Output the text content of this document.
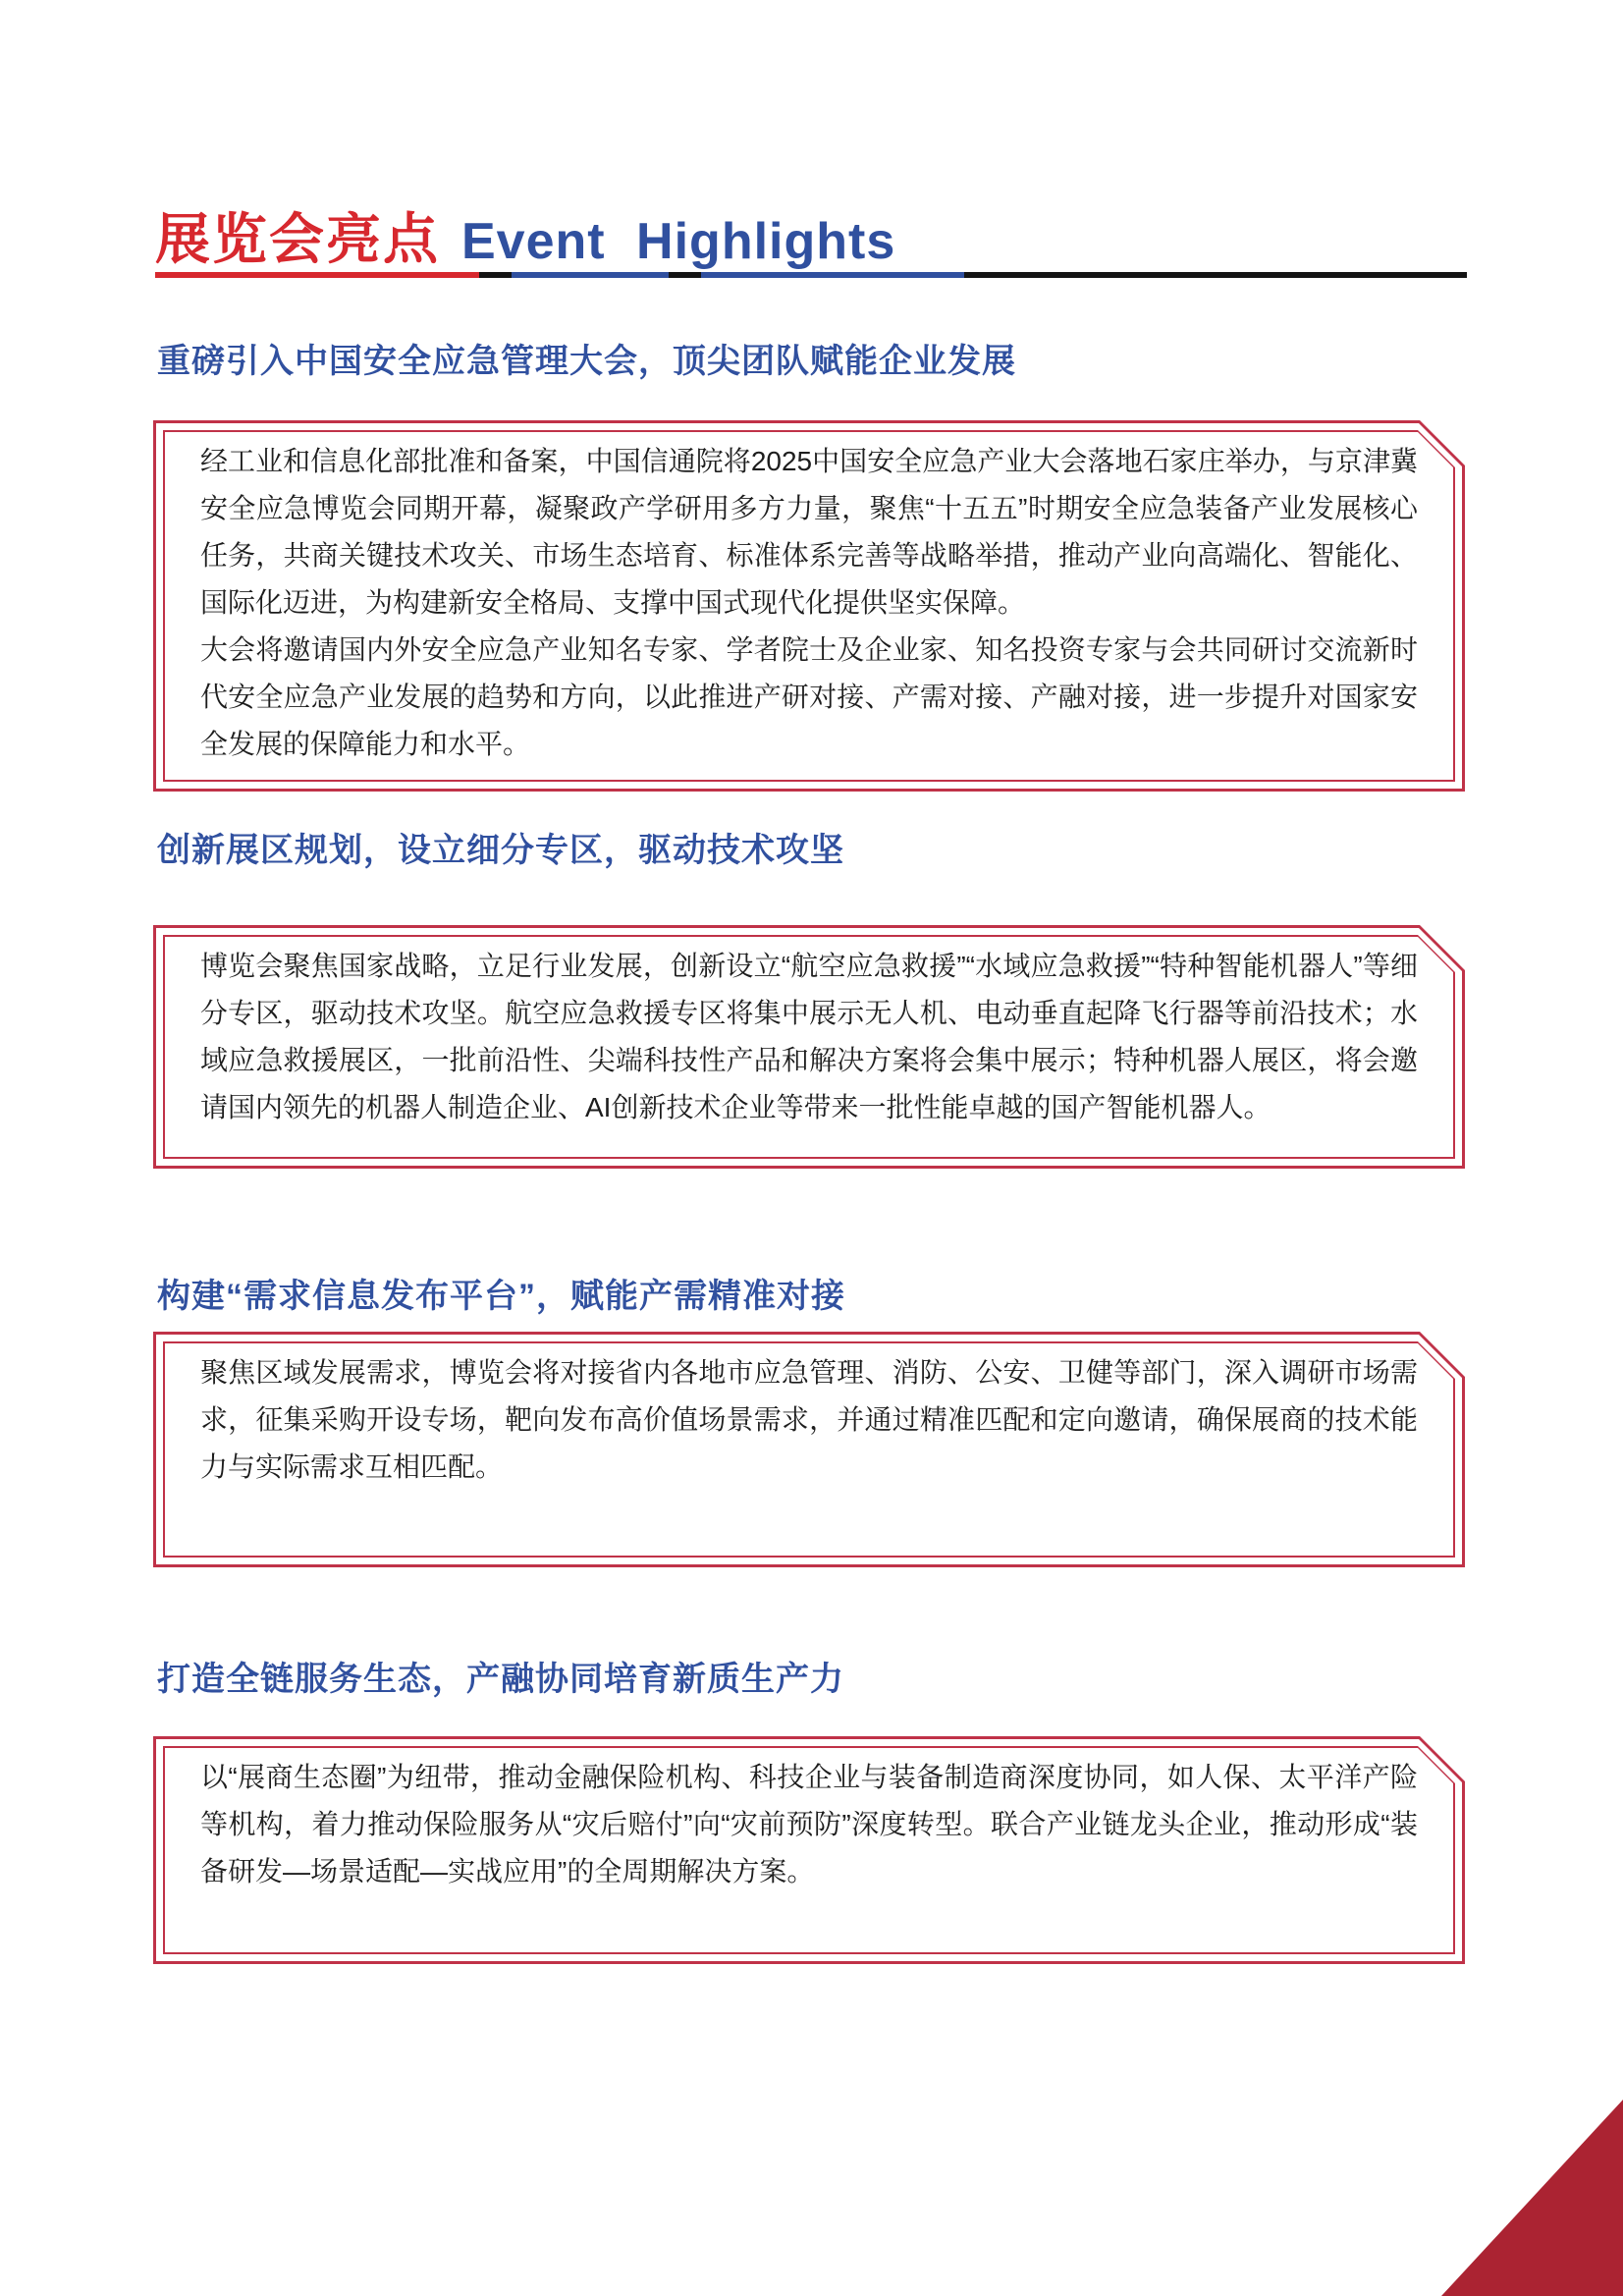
展览会亮点 Event Highlights
重磅引入中国安全应急管理大会，顶尖团队赋能企业发展

经工业和信息化部批准和备案，中国信通院将2025中国安全应急产业大会落地石家庄举办，与京津冀安全应急博览会同期开幕，凝聚政产学研用多方力量，聚焦“十五五”时期安全应急装备产业发展核心任务，共商关键技术攻关、市场生态培育、标准体系完善等战略举措，推动产业向高端化、智能化、国际化迈进，为构建新安全格局、支撑中国式现代化提供坚实保障。

大会将邀请国内外安全应急产业知名专家、学者院士及企业家、知名投资专家与会共同研讨交流新时代安全应急产业发展的趋势和方向，以此推进产研对接、产需对接、产融对接，进一步提升对国家安全发展的保障能力和水平。

创新展区规划，设立细分专区，驱动技术攻坚

博览会聚焦国家战略，立足行业发展，创新设立“航空应急救援”“水域应急救援”“特种智能机器人”等细分专区，驱动技术攻坚。航空应急救援专区将集中展示无人机、电动垂直起降飞行器等前沿技术；水域应急救援展区，一批前沿性、尖端科技性产品和解决方案将会集中展示；特种机器人展区，将会邀请国内领先的机器人制造企业、AI创新技术企业等带来一批性能卓越的国产智能机器人。

构建“需求信息发布平台”，赋能产需精准对接

聚焦区域发展需求，博览会将对接省内各地市应急管理、消防、公安、卫健等部门，深入调研市场需求，征集采购开设专场，靶向发布高价值场景需求，并通过精准匹配和定向邀请，确保展商的技术能力与实际需求互相匹配。

打造全链服务生态，产融协同培育新质生产力

以“展商生态圈”为纽带，推动金融保险机构、科技企业与装备制造商深度协同，如人保、太平洋产险等机构，着力推动保险服务从“灾后赔付”向“灾前预防”深度转型。联合产业链龙头企业，推动形成“装备研发—场景适配—实战应用”的全周期解决方案。
